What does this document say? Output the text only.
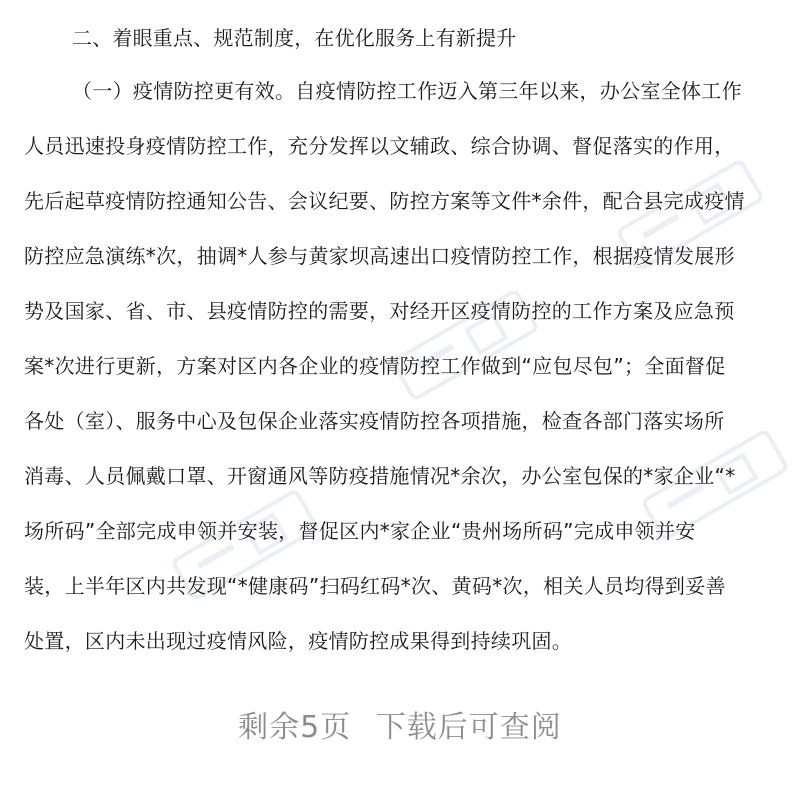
二、着眼重点、规范制度，在优化服务上有新提升
（一）疫情防控更有效。自疫情防控工作迈入第三年以来，办公室全体工作
人员迅速投身疫情防控工作，充分发挥以文辅政、综合协调、督促落实的作用，
先后起草疫情防控通知公告、会议纪要、防控方案等文件*余件，配合县完成疫情
防控应急演练*次，抽调*人参与黄家坝高速出口疫情防控工作，根据疫情发展形
势及国家、省、市、县疫情防控的需要，对经开区疫情防控的工作方案及应急预
案*次进行更新，方案对区内各企业的疫情防控工作做到“应包尽包”；全面督促
各处（室）、服务中心及包保企业落实疫情防控各项措施，检查各部门落实场所
消毒、人员佩戴口罩、开窗通风等防疫措施情况*余次，办公室包保的*家企业“*
场所码”全部完成申领并安装，督促区内*家企业“贵州场所码”完成申领并安
装，上半年区内共发现“*健康码”扫码红码*次、黄码*次，相关人员均得到妥善
处置，区内未出现过疫情风险，疫情防控成果得到持续巩固。
剩余5页 下载后可查阅
